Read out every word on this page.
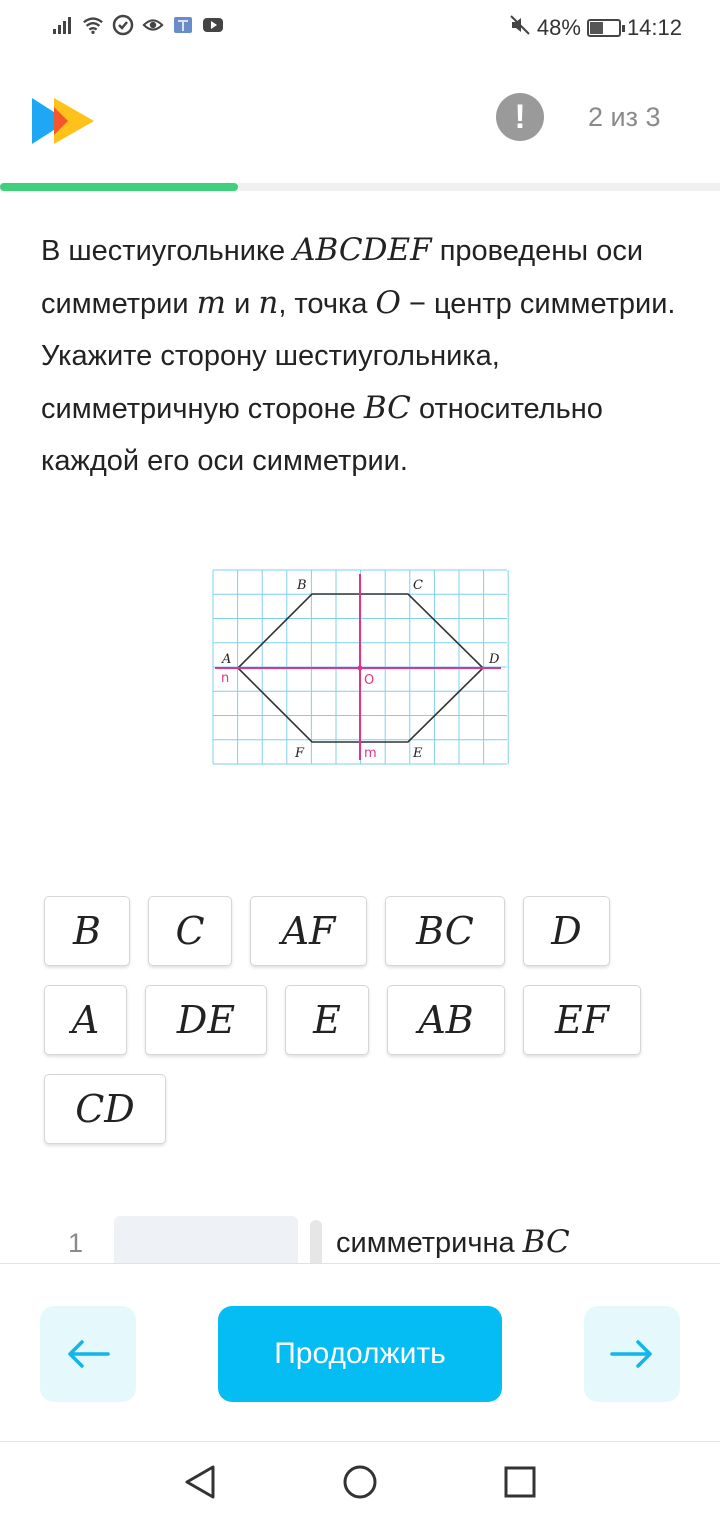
48% 14:12
!	2 из 3
В шестиугольнике ABCDEF проведены оси симметрии m и n, точка O − центр симметрии. Укажите сторону шестиугольника, симметричную стороне BC относительно каждой его оси симметрии.
A
B	C
D
E
F
n
m
O
B	C	AF	BC	D
A	DE	E	AB	EF
CD
1	симметрична BC
Продолжить
